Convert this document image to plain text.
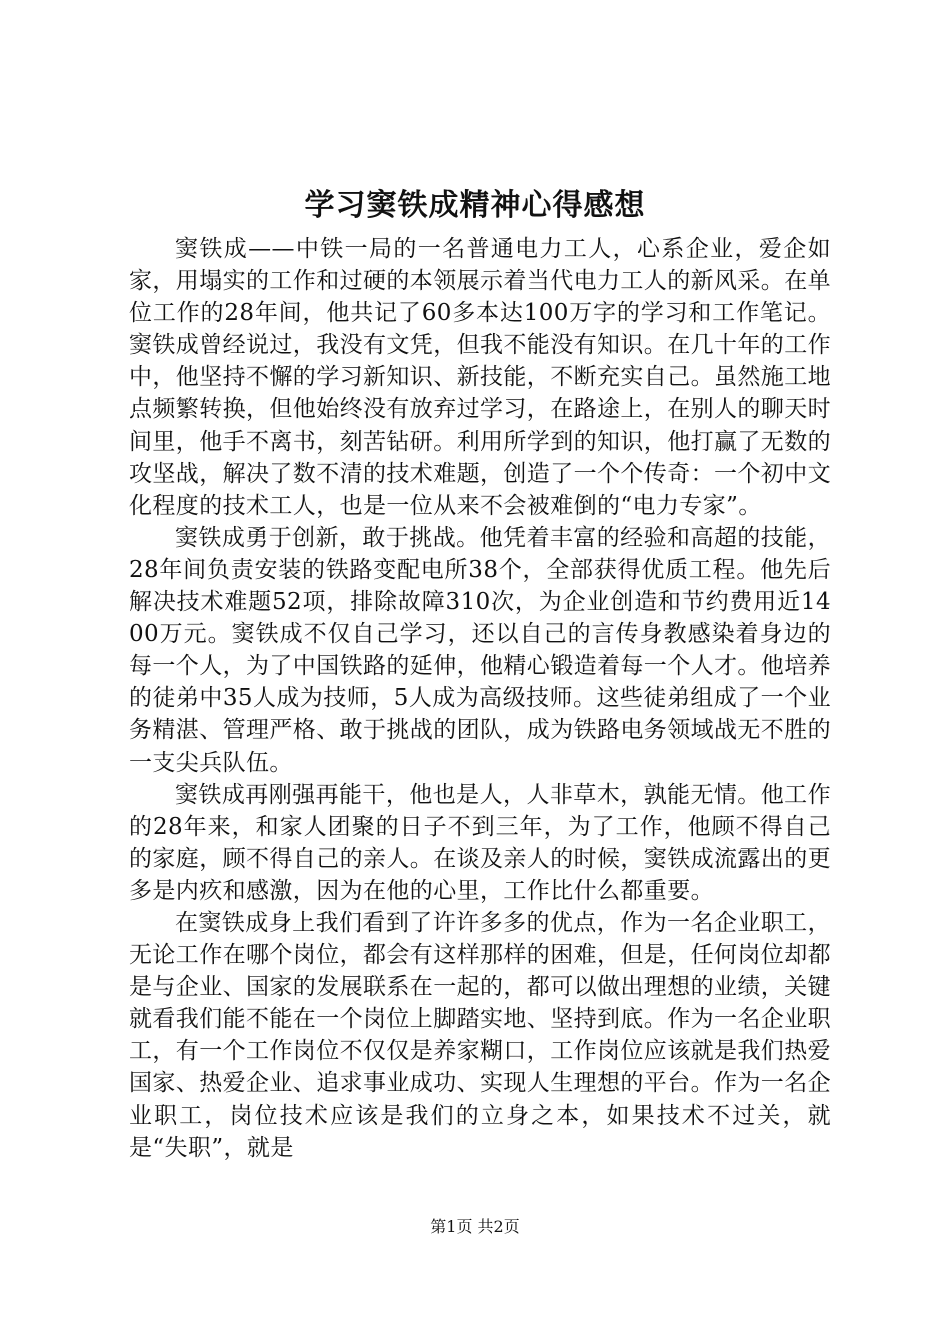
学习窦铁成精神心得感想

窦铁成——中铁一局的一名普通电力工人，心系企业，爱企如家，用塌实的工作和过硬的本领展示着当代电力工人的新风采。在单位工作的28年间，他共记了60多本达100万字的学习和工作笔记。窦铁成曾经说过，我没有文凭，但我不能没有知识。在几十年的工作中，他坚持不懈的学习新知识、新技能，不断充实自己。虽然施工地点频繁转换，但他始终没有放弃过学习，在路途上，在别人的聊天时间里，他手不离书，刻苦钻研。利用所学到的知识，他打赢了无数的攻坚战，解决了数不清的技术难题，创造了一个个传奇：一个初中文化程度的技术工人，也是一位从来不会被难倒的“电力专家”。

窦铁成勇于创新，敢于挑战。他凭着丰富的经验和高超的技能，28年间负责安装的铁路变配电所38个，全部获得优质工程。他先后解决技术难题52项，排除故障310次，为企业创造和节约费用近1400万元。窦铁成不仅自己学习，还以自己的言传身教感染着身边的每一个人，为了中国铁路的延伸，他精心锻造着每一个人才。他培养的徒弟中35人成为技师，5人成为高级技师。这些徒弟组成了一个业务精湛、管理严格、敢于挑战的团队，成为铁路电务领域战无不胜的一支尖兵队伍。

窦铁成再刚强再能干，他也是人，人非草木，孰能无情。他工作的28年来，和家人团聚的日子不到三年，为了工作，他顾不得自己的家庭，顾不得自己的亲人。在谈及亲人的时候，窦铁成流露出的更多是内疚和感激，因为在他的心里，工作比什么都重要。

在窦铁成身上我们看到了许许多多的优点，作为一名企业职工，无论工作在哪个岗位，都会有这样那样的困难，但是，任何岗位却都是与企业、国家的发展联系在一起的，都可以做出理想的业绩，关键就看我们能不能在一个岗位上脚踏实地、坚持到底。作为一名企业职工，有一个工作岗位不仅仅是养家糊口，工作岗位应该就是我们热爱国家、热爱企业、追求事业成功、实现人生理想的平台。作为一名企业职工，岗位技术应该是我们的立身之本，如果技术不过关，就是“失职”，就是

第1页 共2页
